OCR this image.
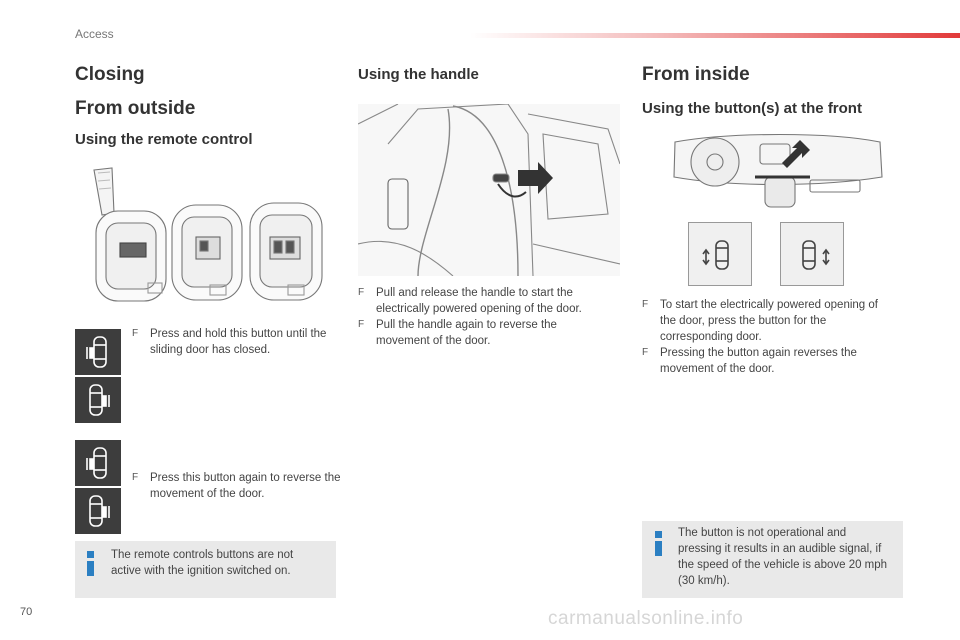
Access
Closing
From outside
Using the remote control
F Press and hold this button until the sliding door has closed.
F Press this button again to reverse the movement of the door.
The remote controls buttons are not active with the ignition switched on.
Using the handle
F Pull and release the handle to start the electrically powered opening of the door.
F Pull the handle again to reverse the movement of the door.
From inside
Using the button(s) at the front
F To start the electrically powered opening of the door, press the button for the corresponding door.
F Pressing the button again reverses the movement of the door.
The button is not operational and pressing it results in an audible signal, if the speed of the vehicle is above 20 mph (30 km/h).
70	carmanualsonline.info
